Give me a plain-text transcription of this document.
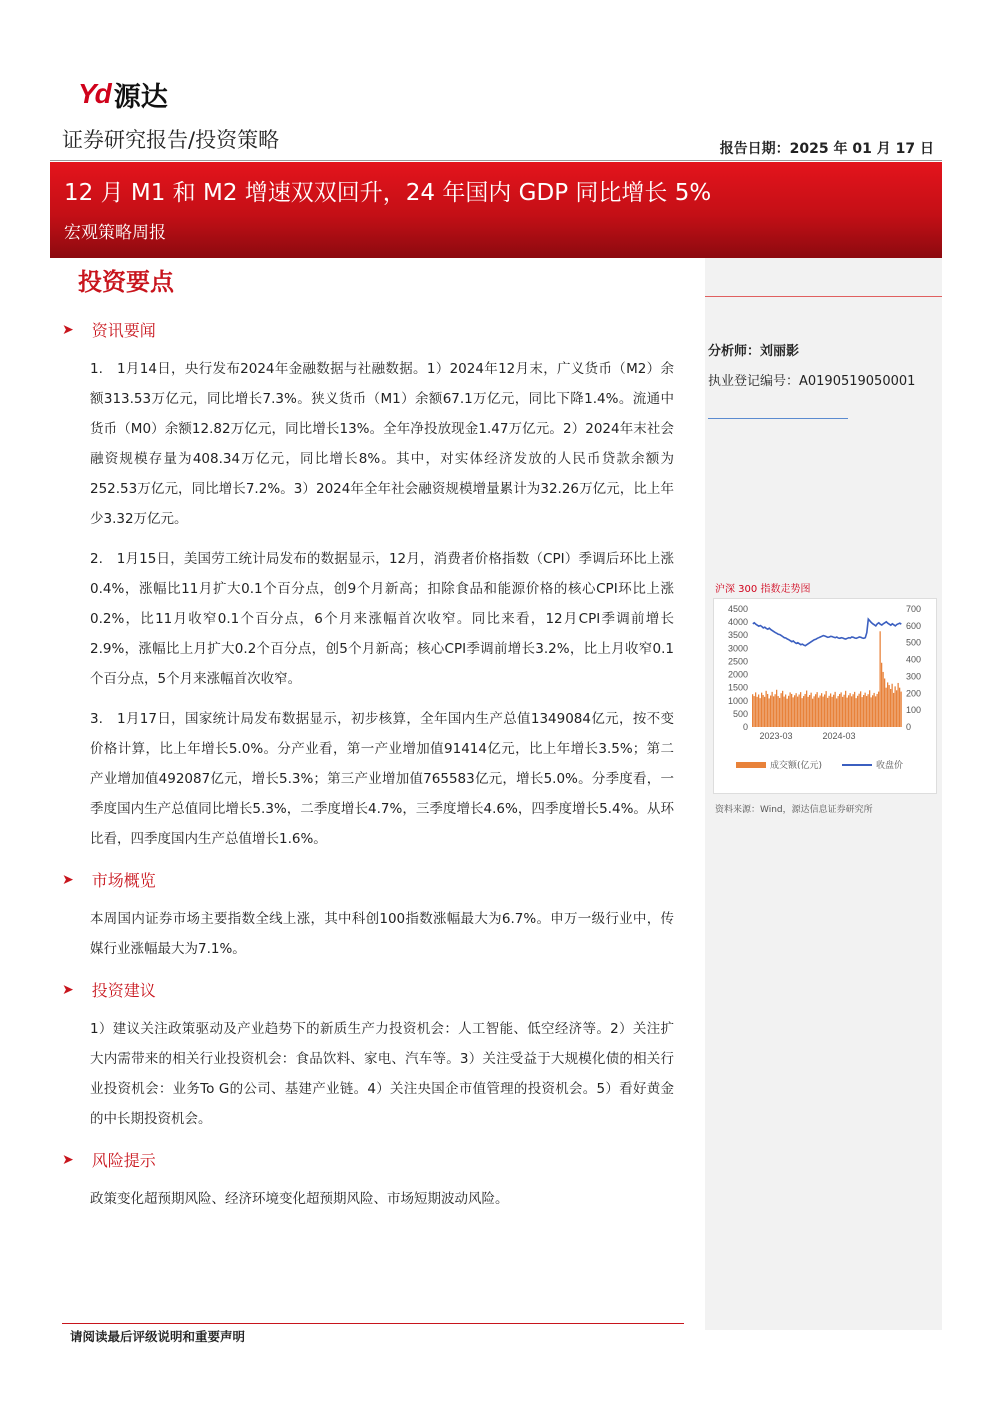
Yd 源达
证券研究报告/投资策略	报告日期：2025 年 01 月 17 日
12 月 M1 和 M2 增速双双回升，24 年国内 GDP 同比增长 5%
宏观策略周报
分析师：刘丽影
执业登记编号：A0190519050001
沪深 300 指数走势图
0
500
1000
1500
2000
2500
3000
3500
4000
4500
0
100
200
300
400
500
600
700
2023-03	2024-03
成交额(亿元)	收盘价
资料来源：Wind，源达信息证券研究所
投资要点
➤ 资讯要闻
1.　1月14日，央行发布2024年金融数据与社融数据。1）2024年12月末，广义货币（M2）余额313.53万亿元，同比增长7.3%。狭义货币（M1）余额67.1万亿元，同比下降1.4%。流通中货币（M0）余额12.82万亿元，同比增长13%。全年净投放现金1.47万亿元。2）2024年末社会融资规模存量为408.34万亿元，同比增长8%。其中，对实体经济发放的人民币贷款余额为252.53万亿元，同比增长7.2%。3）2024年全年社会融资规模增量累计为32.26万亿元，比上年少3.32万亿元。
2.　1月15日，美国劳工统计局发布的数据显示，12月，消费者价格指数（CPI）季调后环比上涨0.4%，涨幅比11月扩大0.1个百分点，创9个月新高；扣除食品和能源价格的核心CPI环比上涨0.2%，比11月收窄0.1个百分点，6个月来涨幅首次收窄。同比来看，12月CPI季调前增长2.9%，涨幅比上月扩大0.2个百分点，创5个月新高；核心CPI季调前增长3.2%，比上月收窄0.1个百分点，5个月来涨幅首次收窄。
3.　1月17日，国家统计局发布数据显示，初步核算，全年国内生产总值1349084亿元，按不变价格计算，比上年增长5.0%。分产业看，第一产业增加值91414亿元，比上年增长3.5%；第二产业增加值492087亿元，增长5.3%；第三产业增加值765583亿元，增长5.0%。分季度看，一季度国内生产总值同比增长5.3%，二季度增长4.7%，三季度增长4.6%，四季度增长5.4%。从环比看，四季度国内生产总值增长1.6%。
➤ 市场概览
本周国内证券市场主要指数全线上涨，其中科创100指数涨幅最大为6.7%。申万一级行业中，传媒行业涨幅最大为7.1%。
➤ 投资建议
1）建议关注政策驱动及产业趋势下的新质生产力投资机会：人工智能、低空经济等。2）关注扩大内需带来的相关行业投资机会：食品饮料、家电、汽车等。3）关注受益于大规模化债的相关行业投资机会：业务To G的公司、基建产业链。4）关注央国企市值管理的投资机会。5）看好黄金的中长期投资机会。
➤ 风险提示
政策变化超预期风险、经济环境变化超预期风险、市场短期波动风险。
请阅读最后评级说明和重要声明
